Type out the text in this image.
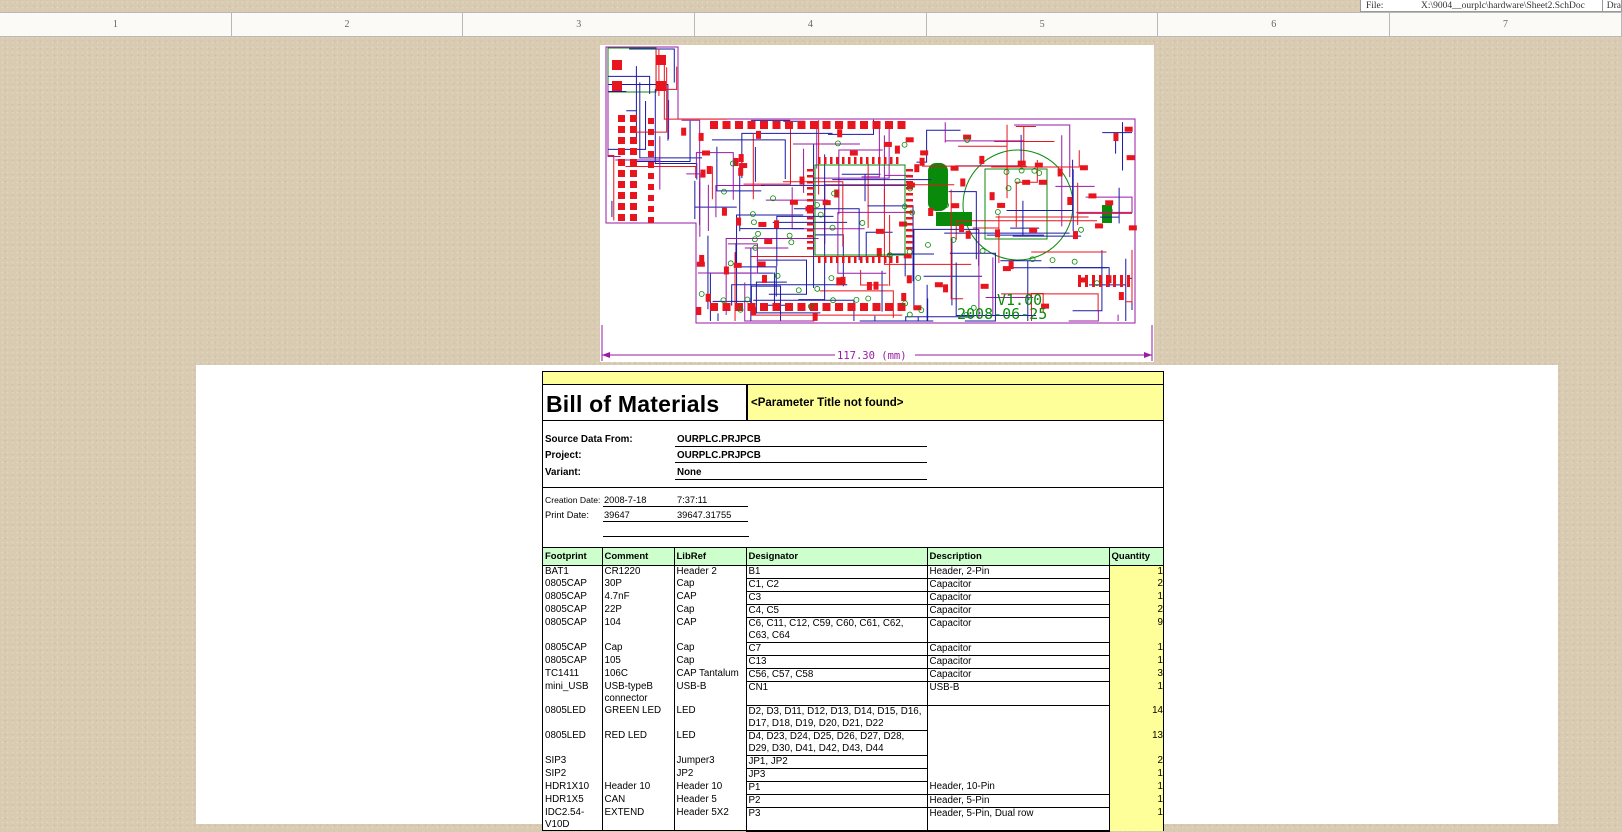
File:	X:\9004__ourplc\hardware\Sheet2.SchDoc	Dra
1	2	3	4	5	6	7
V1.00
2008-06-25
117.30 (mm)
Bill of Materials	<Parameter Title not found>
Source Data From:	OURPLC.PRJPCB
Project:	OURPLC.PRJPCB
Variant:	None
Creation Date: 2008-7-18	7:37:11
Print Date:	39647	39647.31755
Footprint	Comment	LibRef	Designator	Description	Quantity
BAT1	CR1220	Header 2	B1	Header, 2-Pin	1
0805CAP	30P	Cap	C1, C2	Capacitor	2
0805CAP	4.7nF	CAP	C3	Capacitor	1
0805CAP	22P	Cap	C4, C5	Capacitor	2
0805CAP	104	CAP	C6, C11, C12, C59, C60, C61, C62, C63, C64	Capacitor	9
0805CAP	Cap	Cap	C7	Capacitor	1
0805CAP	105	Cap	C13	Capacitor	1
TC1411	106C	CAP Tantalum	C56, C57, C58	Capacitor	3
mini_USB	USB-typeB connector	USB-B	CN1	USB-B	1
0805LED	GREEN LED	LED	D2, D3, D11, D12, D13, D14, D15, D16, D17, D18, D19, D20, D21, D22		14
0805LED	RED LED	LED	D4, D23, D24, D25, D26, D27, D28, D29, D30, D41, D42, D43, D44		13
SIP3		Jumper3	JP1, JP2		2
SIP2		JP2	JP3		1
HDR1X10	Header 10	Header 10	P1	Header, 10-Pin	1
HDR1X5	CAN	Header 5	P2	Header, 5-Pin	1
IDC2.54-V10D	EXTEND	Header 5X2	P3	Header, 5-Pin, Dual row	1
